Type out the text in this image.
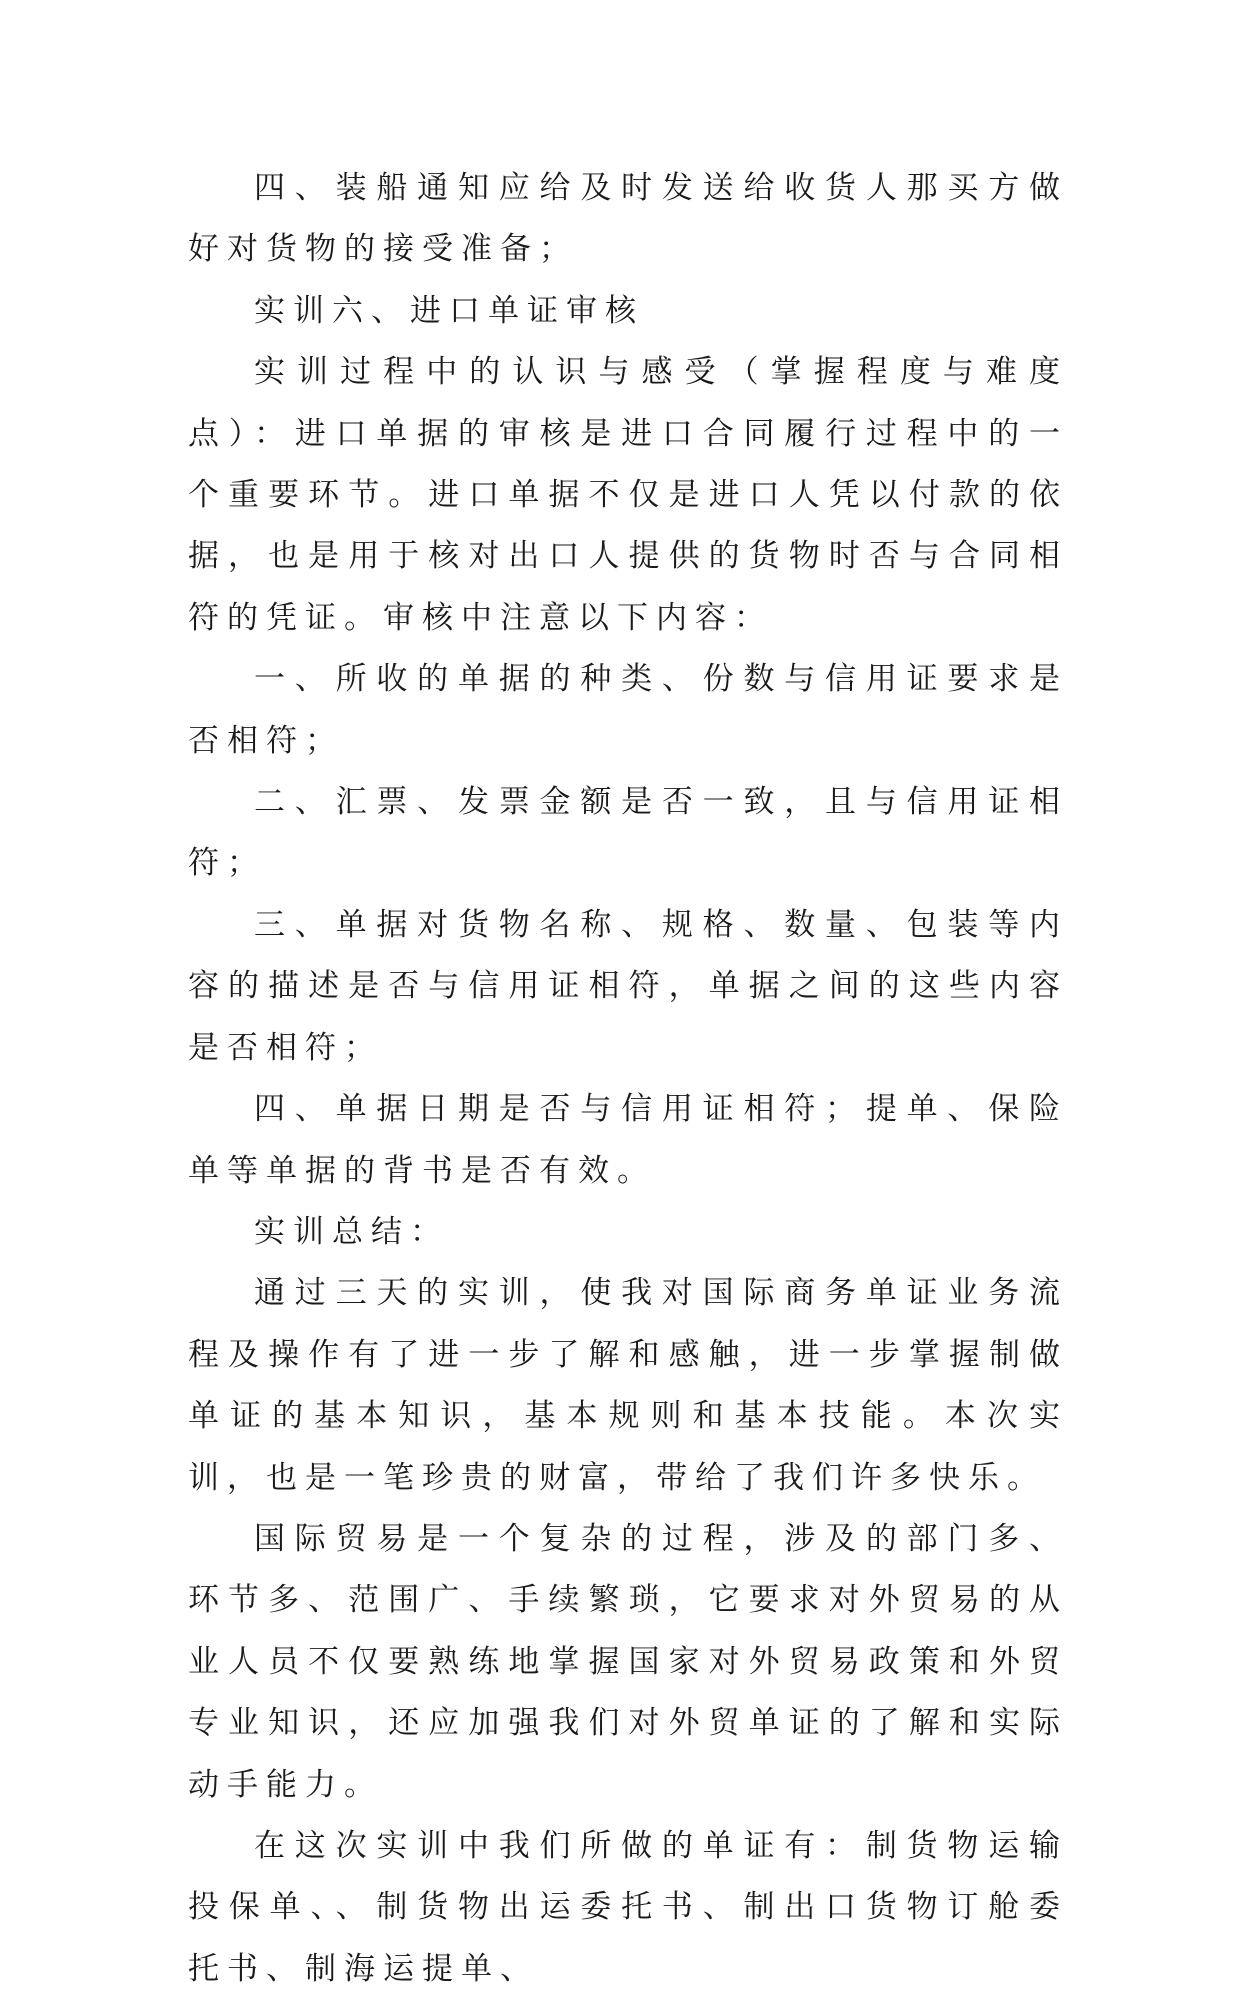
四、装船通知应给及时发送给收货人那买方做好对货物的接受准备；

实训六、进口单证审核

实训过程中的认识与感受（掌握程度与难度点）：进口单据的审核是进口合同履行过程中的一个重要环节。进口单据不仅是进口人凭以付款的依据，也是用于核对出口人提供的货物时否与合同相符的凭证。审核中注意以下内容：

一、所收的单据的种类、份数与信用证要求是否相符；

二、汇票、发票金额是否一致，且与信用证相符；

三、单据对货物名称、规格、数量、包装等内容的描述是否与信用证相符，单据之间的这些内容是否相符；

四、单据日期是否与信用证相符；提单、保险单等单据的背书是否有效。

实训总结：

通过三天的实训，使我对国际商务单证业务流程及操作有了进一步了解和感触，进一步掌握制做单证的基本知识，基本规则和基本技能。本次实训，也是一笔珍贵的财富，带给了我们许多快乐。

国际贸易是一个复杂的过程，涉及的部门多、环节多、范围广、手续繁琐，它要求对外贸易的从业人员不仅要熟练地掌握国家对外贸易政策和外贸专业知识，还应加强我们对外贸单证的了解和实际动手能力。

在这次实训中我们所做的单证有：制货物运输投保单、、制货物出运委托书、制出口货物订舱委托书、制海运提单、
